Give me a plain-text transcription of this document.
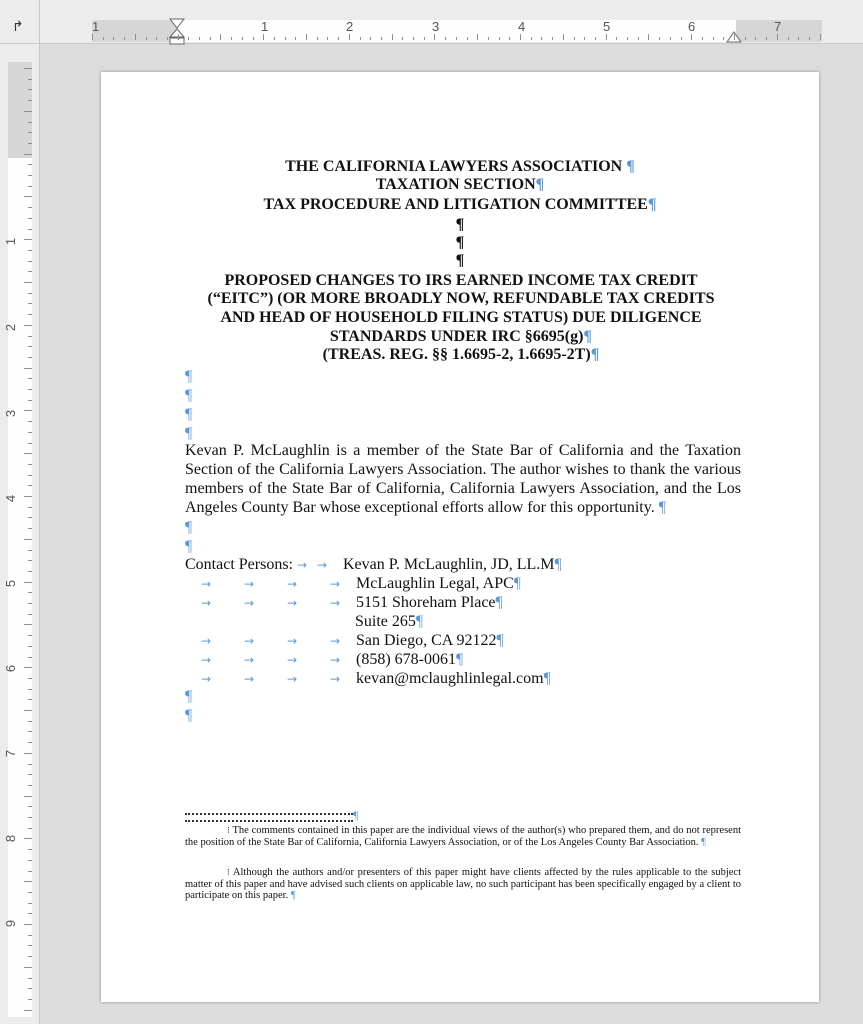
↱	1	1	2	3	4	5	6	7
1
2
3
4
5
6
7
8
9
THE CALIFORNIA LAWYERS ASSOCIATION ¶
TAXATION SECTION¶
TAX PROCEDURE AND LITIGATION COMMITTEE¶
¶
¶
¶
PROPOSED CHANGES TO IRS EARNED INCOME TAX CREDIT
(“EITC”) (OR MORE BROADLY NOW, REFUNDABLE TAX CREDITS
AND HEAD OF HOUSEHOLD FILING STATUS) DUE DILIGENCE
STANDARDS UNDER IRC §6695(g)¶
(TREAS. REG. §§ 1.6695-2, 1.6695-2T)¶
¶
¶
¶
¶
Kevan P. McLaughlin is a member of the State Bar of California and the Taxation Section of the California Lawyers Association. The author wishes to thank the various members of the State Bar of California, California Lawyers Association, and the Los Angeles County Bar whose exceptional efforts allow for this opportunity. ¶
¶
¶
Contact Persons: → → Kevan P. McLaughlin, JD, LL.M¶
→	→	→	→ McLaughlin Legal, APC¶
→	→	→	→ 5151 Shoreham Place¶
Suite 265¶
→	→	→	→ San Diego, CA 92122¶
→	→	→	→ (858) 678-0061¶
→	→	→	→ kevan@mclaughlinlegal.com¶
¶
¶
¶
⁝ The comments contained in this paper are the individual views of the author(s) who prepared them, and do not represent the position of the State Bar of California, California Lawyers Association, or of the Los Angeles County Bar Association. ¶
⁝ Although the authors and/or presenters of this paper might have clients affected by the rules applicable to the subject matter of this paper and have advised such clients on applicable law, no such participant has been specifically engaged by a client to participate on this paper. ¶
